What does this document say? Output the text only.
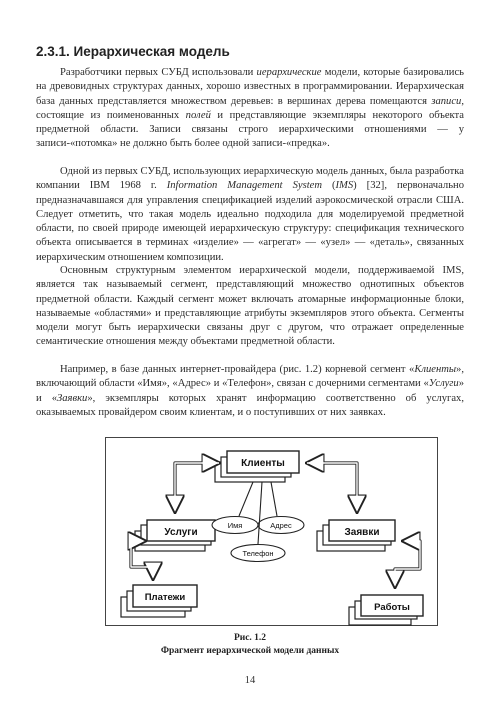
2.3.1. Иерархическая модель

Разработчики первых СУБД использовали иерархические модели, которые базировались на древовидных структурах данных, хорошо известных в программировании. Иерархическая база данных представляется множеством деревьев: в вершинах дерева помещаются записи, состоящие из поименованных полей и представляющие экземпляры некоторого объекта предметной области. Записи связаны строго иерархическими отношениями — у записи-«потомка» не должно быть более одной записи-«предка».

Одной из первых СУБД, использующих иерархическую модель данных, была разработка компании IBM 1968 г. Information Management System (IMS) [32], первоначально предназначавшаяся для управления спецификацией изделий аэрокосмической отрасли США. Следует отметить, что такая модель идеально подходила для моделируемой предметной области, по своей природе имеющей иерархическую структуру: спецификация технического объекта описывается в терминах «изделие» — «агрегат» — «узел» — «деталь», связанных иерархическим отношением композиции.

Основным структурным элементом иерархической модели, поддерживаемой IMS, является так называемый сегмент, представляющий множество однотипных объектов предметной области. Каждый сегмент может включать атомарные информационные блоки, называемые «областями» и представляющие атрибуты экземпляров этого объекта. Сегменты модели могут быть иерархически связаны друг с другом, что отражает определенные семантические отношения между объектами предметной области.

Например, в базе данных интернет-провайдера (рис. 1.2) корневой сегмент «Клиенты», включающий области «Имя», «Адрес» и «Телефон», связан с дочерними сегментами «Услуги» и «Заявки», экземпляры которых хранят информацию соответственно об услугах, оказываемых провайдером своим клиентам, и о поступивших от них заявках.

Клиенты
Услуги	Заявки
Платежи
Работы
Имя	Адрес
Телефон
Рис. 1.2
Фрагмент иерархической модели данных
14
